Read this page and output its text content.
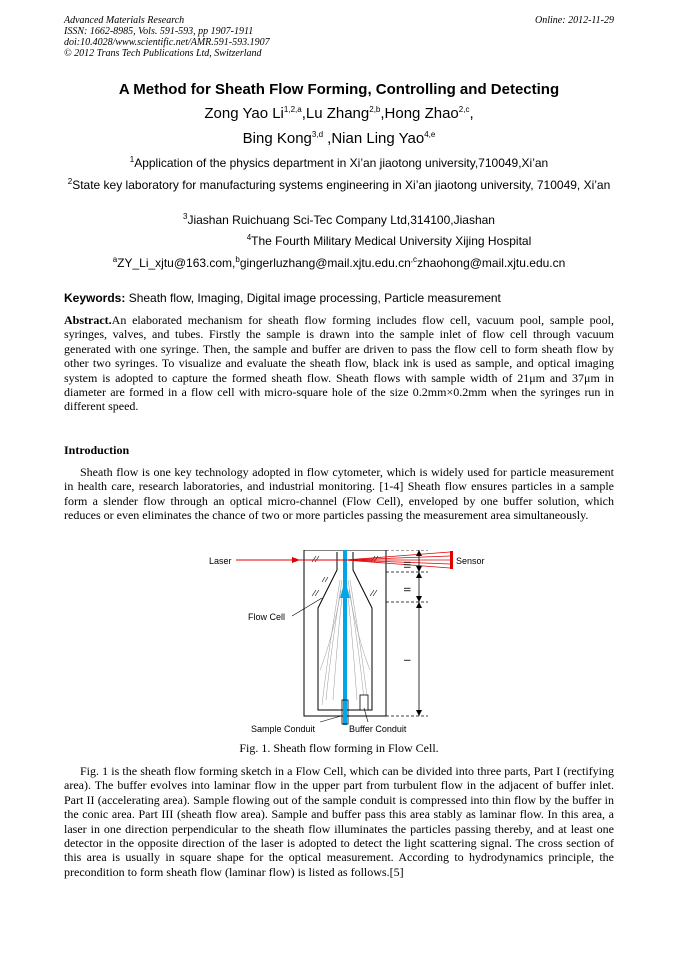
Advanced Materials Research
ISSN: 1662-8985, Vols. 591-593, pp 1907-1911
doi:10.4028/www.scientific.net/AMR.591-593.1907
© 2012 Trans Tech Publications Ltd, Switzerland
Online: 2012-11-29
A Method for Sheath Flow Forming, Controlling and Detecting
Zong Yao Li$^{1,2,a}$,Lu Zhang$^{2,b}$,Hong Zhao$^{2,c}$,
Bing Kong$^{3,d}$ ,Nian Ling Yao$^{4,e}$
$^1$Application of the physics department in Xi’an jiaotong university,710049,Xi’an
$^2$State key laboratory for manufacturing systems engineering in Xi’an jiaotong university, 710049, Xi’an
$^3$Jiashan Ruichuang Sci-Tec Company Ltd,314100,Jiashan
$^4$The Fourth Military Medical University Xijing Hospital
$^aZY\_Li\_xjtu@163.com,^bgingerluzhang@mail.xjtu.edu.cn^{,c}zhaohong@mail.xjtu.edu.cn$
Keywords: Sheath flow, Imaging, Digital image processing, Particle measurement
Abstract.An elaborated mechanism for sheath flow forming includes flow cell, vacuum pool, sample pool, syringes, valves, and tubes. Firstly the sample is drawn into the sample inlet of flow cell through vacuum generated with one syringe. Then, the sample and buffer are driven to pass the flow cell to form sheath flow by other two syringes. To visualize and evaluate the sheath flow, black ink is used as sample, and optical imaging system is adopted to capture the formed sheath flow. Sheath flows with sample width of 21μm and 37μm in diameter are formed in a flow cell with micro-square hole of the size 0.2mm×0.2mm when the syringes run in different speed.
Introduction
Sheath flow is one key technology adopted in flow cytometer, which is widely used for particle measurement in health care, research laboratories, and industrial monitoring. [1-4] Sheath flow ensures particles in a sample form a slender flow through an optical micro-channel (Flow Cell), enveloped by one buffer solution, which reduces or even eliminates the chance of two or more particles passing the measurement area simultaneously.
Laser	Sensor
Flow Cell
Sample Conduit	Buffer Conduit
III
II
I
Fig. 1. Sheath flow forming in Flow Cell.
Fig. 1 is the sheath flow forming sketch in a Flow Cell, which can be divided into three parts, Part I (rectifying area). The buffer evolves into laminar flow in the upper part from turbulent flow in the adjacent of buffer inlet. Part II (accelerating area). Sample flowing out of the sample conduit is compressed into thin flow by the buffer in the conic area. Part III (sheath flow area). Sample and buffer pass this area stably as laminar flow. In this area, a laser in one direction perpendicular to the sheath flow illuminates the particles passing thereby, and at least one detector in the opposite direction of the laser is adopted to detect the light scattering signal. The cross section of this area is usually in square shape for the optical measurement. According to hydrodynamics principle, the precondition to form sheath flow (laminar flow) is listed as follows.[5]
